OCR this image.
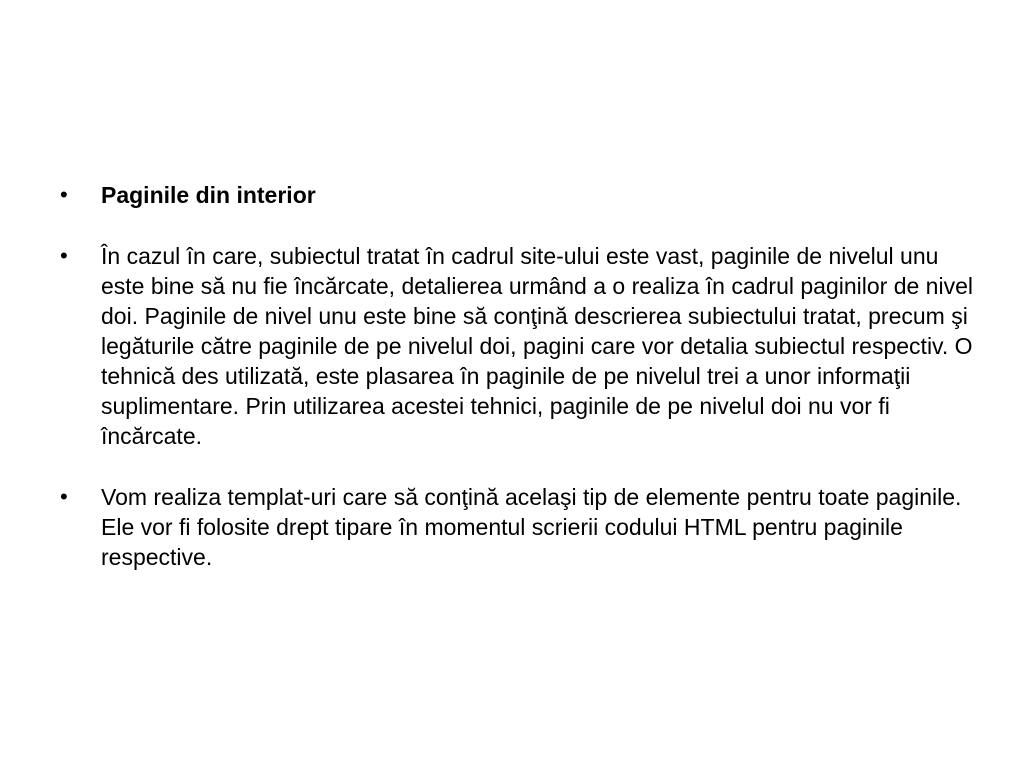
•	Paginile din interior
•	În cazul în care, subiectul tratat în cadrul site-ului este vast, paginile de nivelul unu este bine să nu fie încărcate, detalierea urmând a o realiza în cadrul paginilor de nivel doi. Paginile de nivel unu este bine să conţină descrierea subiectului tratat, precum şi legăturile către paginile de pe nivelul doi, pagini care vor detalia subiectul respectiv. O tehnică des utilizată, este plasarea în paginile de pe nivelul trei a unor informaţii suplimentare. Prin utilizarea acestei tehnici, paginile de pe nivelul doi nu vor fi încărcate.
•	Vom realiza templat-uri care să conţină acelaşi tip de elemente pentru toate paginile. Ele vor fi folosite drept tipare în momentul scrierii codului HTML pentru paginile respective.
